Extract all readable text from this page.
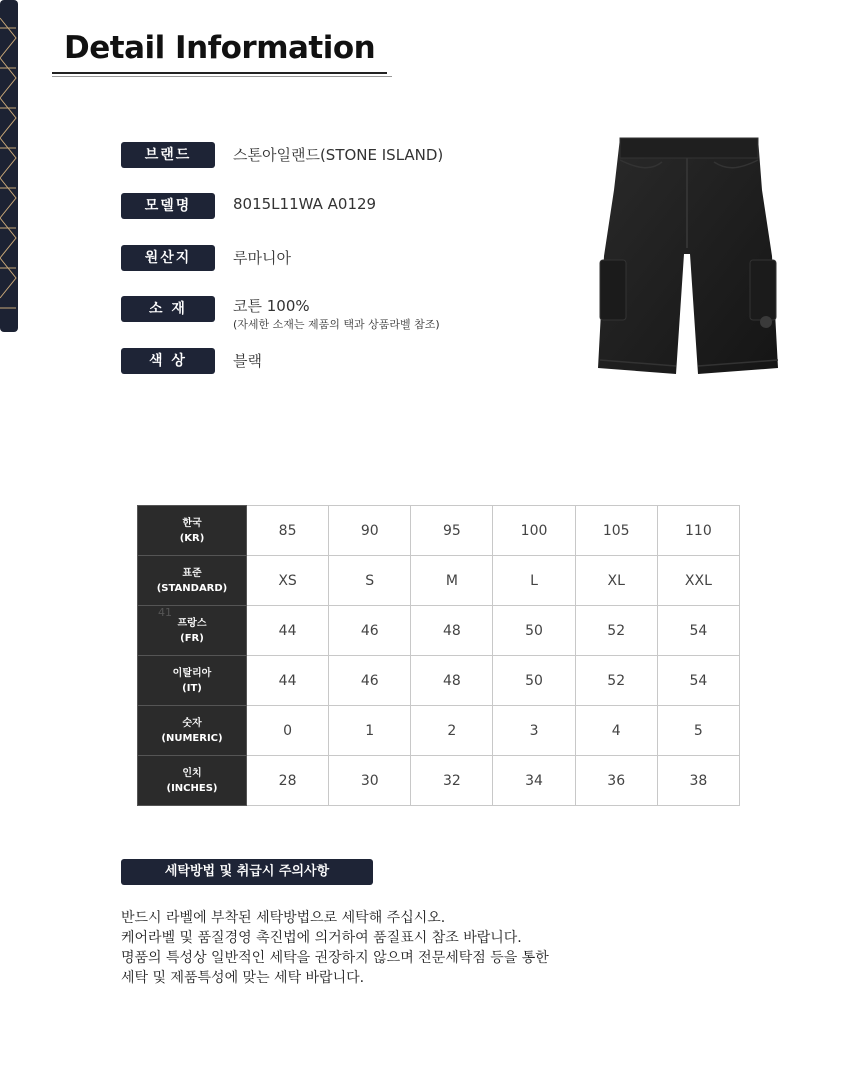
Detail Information
브랜드	스톤아일랜드(STONE ISLAND)
모델명	8015L11WA A0129
원산지	루마니아
소 재	코튼 100%
(자세한 소재는 제품의 택과 상품라벨 참조)
색 상	블랙
한국
(KR)	85	90	95	100	105	110

표준
(STANDARD)	XS	S	M	L	XL	XXL

프랑스
(FR)	44	46	48	50	52	54

이탈리아
(IT)	44	46	48	50	52	54

숫자
(NUMERIC)	0	1	2	3	4	5

인치
(INCHES)	28	30	32	34	36	38
41
세탁방법 및 취급시 주의사항
반드시 라벨에 부착된 세탁방법으로 세탁해 주십시오.
케어라벨 및 품질경영 촉진법에 의거하여 품질표시 참조 바랍니다.
명품의 특성상 일반적인 세탁을 권장하지 않으며 전문세탁점 등을 통한
세탁 및 제품특성에 맞는 세탁 바랍니다.
